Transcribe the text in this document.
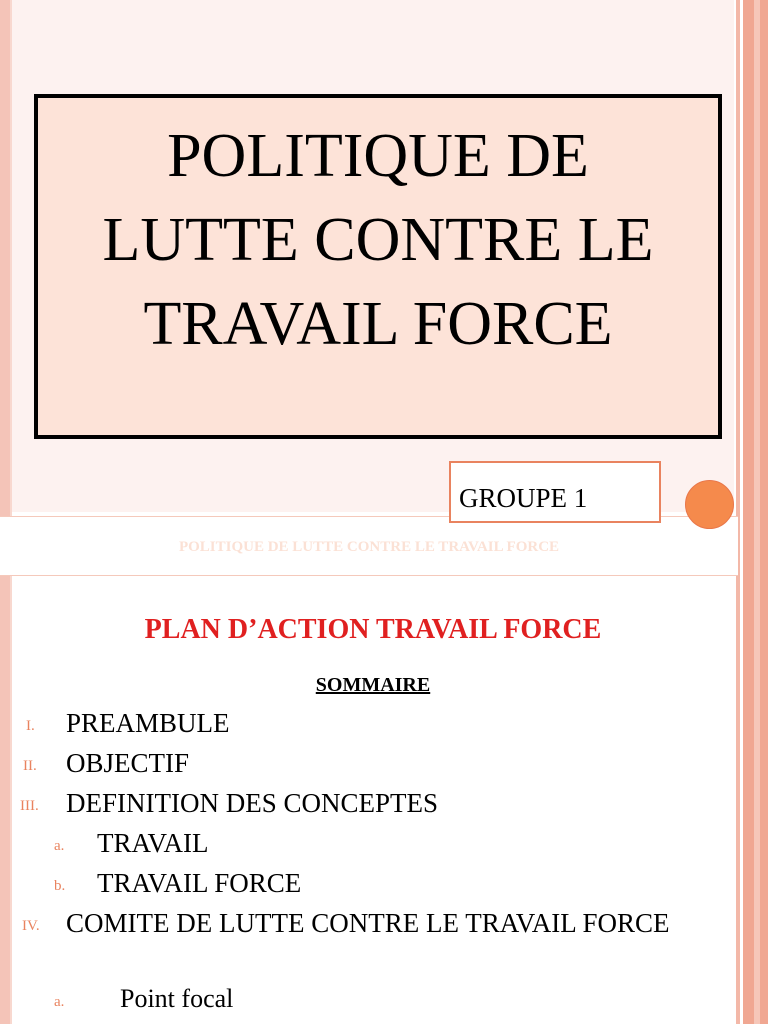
POLITIQUE DE
LUTTE CONTRE LE
TRAVAIL FORCE
GROUPE 1
POLITIQUE DE LUTTE CONTRE LE TRAVAIL FORCE
PLAN D’ACTION TRAVAIL FORCE
SOMMAIRE
I. PREAMBULE
II. OBJECTIF
III. DEFINITION DES CONCEPTES
a. TRAVAIL
b. TRAVAIL FORCE
IV. COMITE DE LUTTE CONTRE LE TRAVAIL FORCE
a. Point focal
